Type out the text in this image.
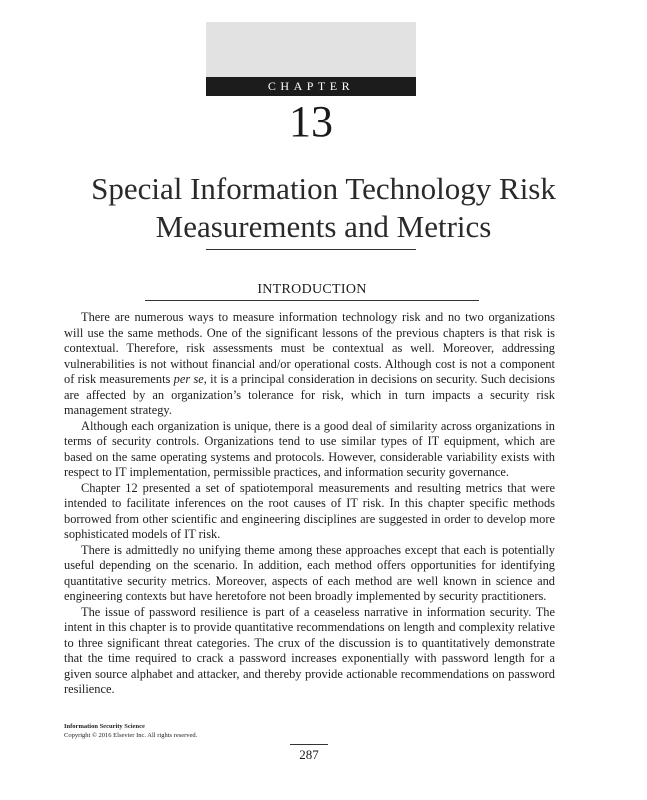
CHAPTER
13
Special Information Technology Risk
Measurements and Metrics
INTRODUCTION

There are numerous ways to measure information technology risk and no two organizations will use the same methods. One of the significant lessons of the previous chapters is that risk is contextual. Therefore, risk assessments must be contextual as well. Moreover, addressing vulnerabilities is not without financial and/or operational costs. Although cost is not a component of risk measurements per se, it is a principal consideration in decisions on security. Such decisions are affected by an organization’s tolerance for risk, which in turn impacts a security risk management strategy.

Although each organization is unique, there is a good deal of similarity across organizations in terms of security controls. Organizations tend to use similar types of IT equipment, which are based on the same operating systems and protocols. However, considerable variability exists with respect to IT implementation, permissible practices, and information security governance.

Chapter 12 presented a set of spatiotemporal measurements and resulting metrics that were intended to facilitate inferences on the root causes of IT risk. In this chapter specific methods borrowed from other scientific and engineering disciplines are suggested in order to develop more sophisticated models of IT risk.

There is admittedly no unifying theme among these approaches except that each is potentially useful depending on the scenario. In addition, each method offers opportunities for identifying quantitative security metrics. Moreover, aspects of each method are well known in science and engineering contexts but have heretofore not been broadly implemented by security practitioners.

The issue of password resilience is part of a ceaseless narrative in information security. The intent in this chapter is to provide quantitative recommendations on length and complexity relative to three significant threat categories. The crux of the discussion is to quantitatively demonstrate that the time required to crack a password increases exponentially with password length for a given source alphabet and attacker, and thereby provide actionable recommendations on password resilience.

Information Security Science
Copyright © 2016 Elsevier Inc. All rights reserved.
287
